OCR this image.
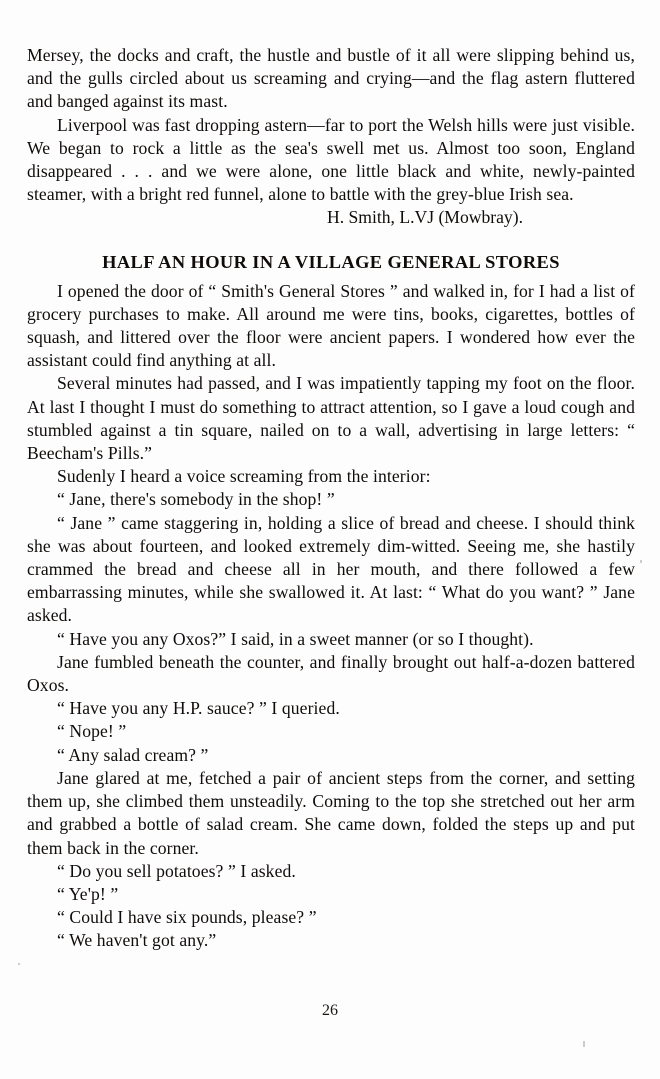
Mersey, the docks and craft, the hustle and bustle of it all were slipping behind us, and the gulls circled about us screaming and crying—and the flag astern fluttered and banged against its mast.

Liverpool was fast dropping astern—far to port the Welsh hills were just visible. We began to rock a little as the sea's swell met us. Almost too soon, England disappeared . . . and we were alone, one little black and white, newly-painted steamer, with a bright red funnel, alone to battle with the grey-blue Irish sea.

H. Smith, L.VJ (Mowbray).
HALF AN HOUR IN A VILLAGE GENERAL STORES

I opened the door of “ Smith's General Stores ” and walked in, for I had a list of grocery purchases to make. All around me were tins, books, cigarettes, bottles of squash, and littered over the floor were ancient papers. I wondered how ever the assistant could find anything at all.

Several minutes had passed, and I was impatiently tapping my foot on the floor. At last I thought I must do something to attract attention, so I gave a loud cough and stumbled against a tin square, nailed on to a wall, advertising in large letters: “ Beecham's Pills.”

Sudenly I heard a voice screaming from the interior:

“ Jane, there's somebody in the shop! ”

“ Jane ” came staggering in, holding a slice of bread and cheese. I should think she was about fourteen, and looked extremely dim-witted. Seeing me, she hastily crammed the bread and cheese all in her mouth, and there followed a few embarrassing minutes, while she swallowed it. At last: “ What do you want? ” Jane asked.

“ Have you any Oxos?” I said, in a sweet manner (or so I thought).

Jane fumbled beneath the counter, and finally brought out half-a-dozen battered Oxos.

“ Have you any H.P. sauce? ” I queried.

“ Nope! ”

“ Any salad cream? ”

Jane glared at me, fetched a pair of ancient steps from the corner, and setting them up, she climbed them unsteadily. Coming to the top she stretched out her arm and grabbed a bottle of salad cream. She came down, folded the steps up and put them back in the corner.

“ Do you sell potatoes? ” I asked.

“ Ye'p! ”

“ Could I have six pounds, please? ”

“ We haven't got any.”

26
